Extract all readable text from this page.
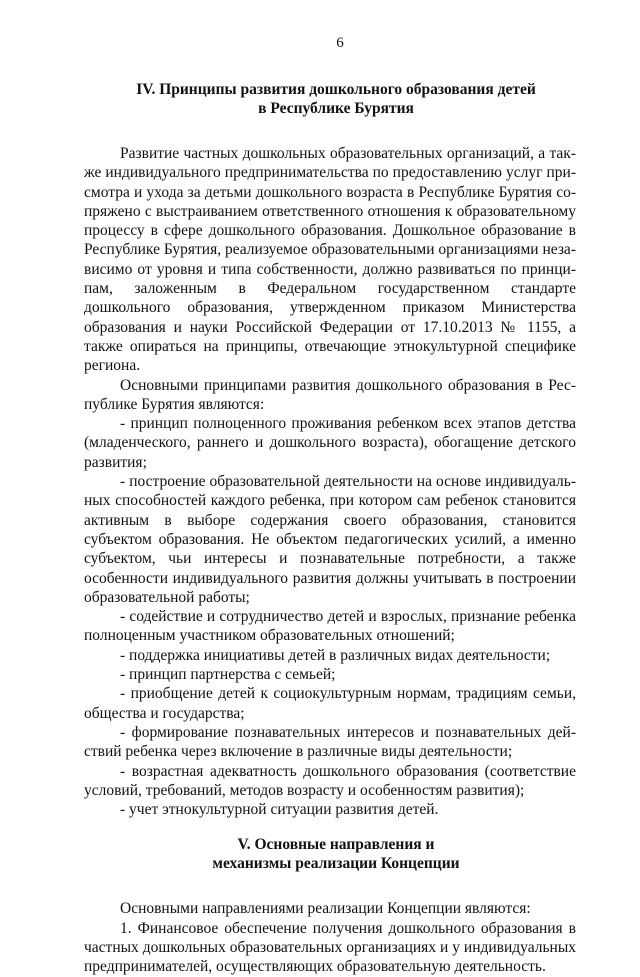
6
IV. Принципы развития дошкольного образования детей
в Республике Бурятия

Развитие частных дошкольных образовательных организаций, а также индивидуального предпринимательства по предоставлению услуг присмотра и ухода за детьми дошкольного возраста в Республике Бурятия сопряжено с выстраиванием ответственного отношения к образовательному процессу в сфере дошкольного образования. Дошкольное образование в Республике Бурятия, реализуемое образовательными организациями независимо от уровня и типа собственности, должно развиваться по принципам, заложенным в Федеральном государственном стандарте дошкольного образования, утвержденном приказом Министерства образования и науки Российской Федерации от 17.10.2013 № 1155, а также опираться на принципы, отвечающие этнокультурной специфике региона.

Основными принципами развития дошкольного образования в Республике Бурятия являются:

- принцип полноценного проживания ребенком всех этапов детства (младенческого, раннего и дошкольного возраста), обогащение детского развития;

- построение образовательной деятельности на основе индивидуальных способностей каждого ребенка, при котором сам ребенок становится активным в выборе содержания своего образования, становится субъектом образования. Не объектом педагогических усилий, а именно субъектом, чьи интересы и познавательные потребности, а также особенности индивидуального развития должны учитывать в построении образовательной работы;

- содействие и сотрудничество детей и взрослых, признание ребенка полноценным участником образовательных отношений;

- поддержка инициативы детей в различных видах деятельности;

- принцип партнерства с семьей;

- приобщение детей к социокультурным нормам, традициям семьи, общества и государства;

- формирование познавательных интересов и познавательных действий ребенка через включение в различные виды деятельности;

- возрастная адекватность дошкольного образования (соответствие условий, требований, методов возрасту и особенностям развития);

- учет этнокультурной ситуации развития детей.

V. Основные направления и
механизмы реализации Концепции

Основными направлениями реализации Концепции являются:

1. Финансовое обеспечение получения дошкольного образования в частных дошкольных образовательных организациях и у индивидуальных предпринимателей, осуществляющих образовательную деятельность.
